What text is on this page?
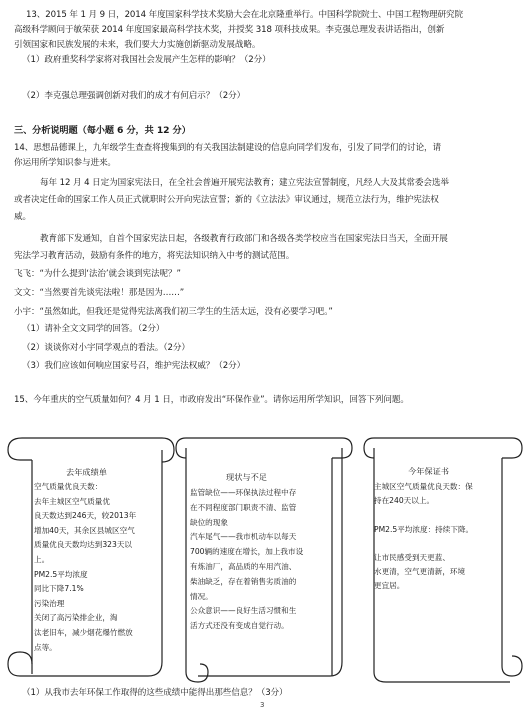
13、2015 年 1 月 9 日，2014 年度国家科学技术奖励大会在北京隆重举行。中国科学院院士、中国工程物理研究院
高级科学顾问于敏荣获 2014 年度国家最高科学技术奖，并授奖 318 项科技成果。李克强总理发表讲话指出，创新
引领国家和民族发展的未来，我们要大力实施创新驱动发展战略。
（1）政府重奖科学家将对我国社会发展产生怎样的影响？（2分）
（2）李克强总理强调创新对我们的成才有何启示？（2分）
三、分析说明题（每小题 6 分，共 12 分）
14、思想品德课上，九年级学生查查将搜集到的有关我国法制建设的信息向同学们发布，引发了同学们的讨论，请
你运用所学知识参与进来。
每年 12 月 4 日定为国家宪法日，在全社会普遍开展宪法教育；建立宪法宣誓制度，凡经人大及其常委会选举
或者决定任命的国家工作人员正式就职时公开向宪法宣誓；新的《立法法》审议通过，规范立法行为，维护宪法权
威。
教育部下发通知，自首个国家宪法日起，各级教育行政部门和各级各类学校应当在国家宪法日当天，全面开展
宪法学习教育活动，鼓励有条件的地方，将宪法知识纳入中考的测试范围。
飞飞：“为什么提到‘法治’就会谈到宪法呢？”
文文：“当然要首先谈宪法啦！那是因为……”
小宇：“虽然如此，但我还是觉得宪法离我们初三学生的生活太远，没有必要学习吧。”
（1）请补全文文同学的回答。（2分）
（2）谈谈你对小宇同学观点的看法。（2分）
（3）我们应该如何响应国家号召，维护宪法权威？（2分）
15、今年重庆的空气质量如何？4 月 1 日，市政府发出“环保作业”。请你运用所学知识，回答下列问题。
去年成绩单
空气质量优良天数：
去年主城区空气质量优
良天数达到246天，较2013年
增加40天，其余区县城区空气
质量优良天数均达到323天以
上。
PM2.5平均浓度
同比下降7.1%
污染治理
关闭了高污染排企业，淘
汰老旧车，减少烟花爆竹燃放
点等。
现状与不足
监管缺位——环保执法过程中存
在不同程度部门职责不清、监管
缺位的现象
汽车尾气——我市机动车以每天
700辆的速度在增长，加上我市设
有炼油厂，高品质的车用汽油、
柴油缺乏，存在着销售劣质油的
情况。
公众意识——良好生活习惯和生
活方式还没有变成自觉行动。
今年保证书
主城区空气质量优良天数：保
持在240天以上。
PM2.5平均浓度：持续下降。
让市民感受到天更蓝、
水更清，空气更清新，环境
更宜居。
（1）从我市去年环保工作取得的这些成绩中能得出那些信息？（3分）
3
